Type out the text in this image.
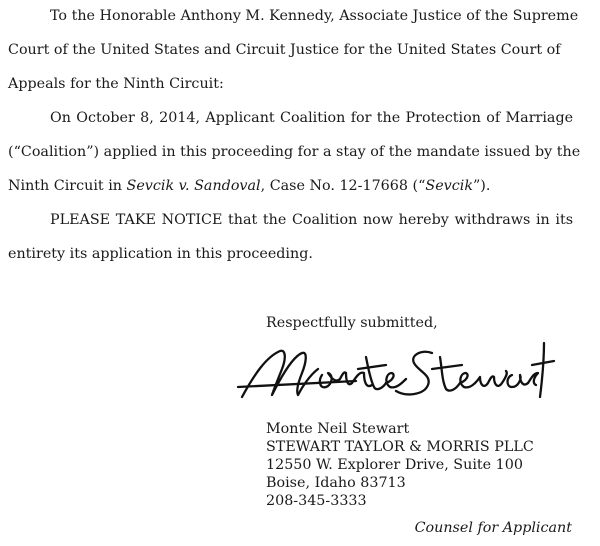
To the Honorable Anthony M. Kennedy, Associate Justice of the Supreme
Court of the United States and Circuit Justice for the United States Court of
Appeals for the Ninth Circuit:
On October 8, 2014, Applicant Coalition for the Protection of Marriage
(“Coalition”) applied in this proceeding for a stay of the mandate issued by the
Ninth Circuit in Sevcik v. Sandoval, Case No. 12-17668 (“Sevcik”).
PLEASE TAKE NOTICE that the Coalition now hereby withdraws in its
entirety its application in this proceeding.
Respectfully submitted,
Monte Neil Stewart
STEWART TAYLOR & MORRIS PLLC
12550 W. Explorer Drive, Suite 100
Boise, Idaho 83713
208-345-3333
Counsel for Applicant
